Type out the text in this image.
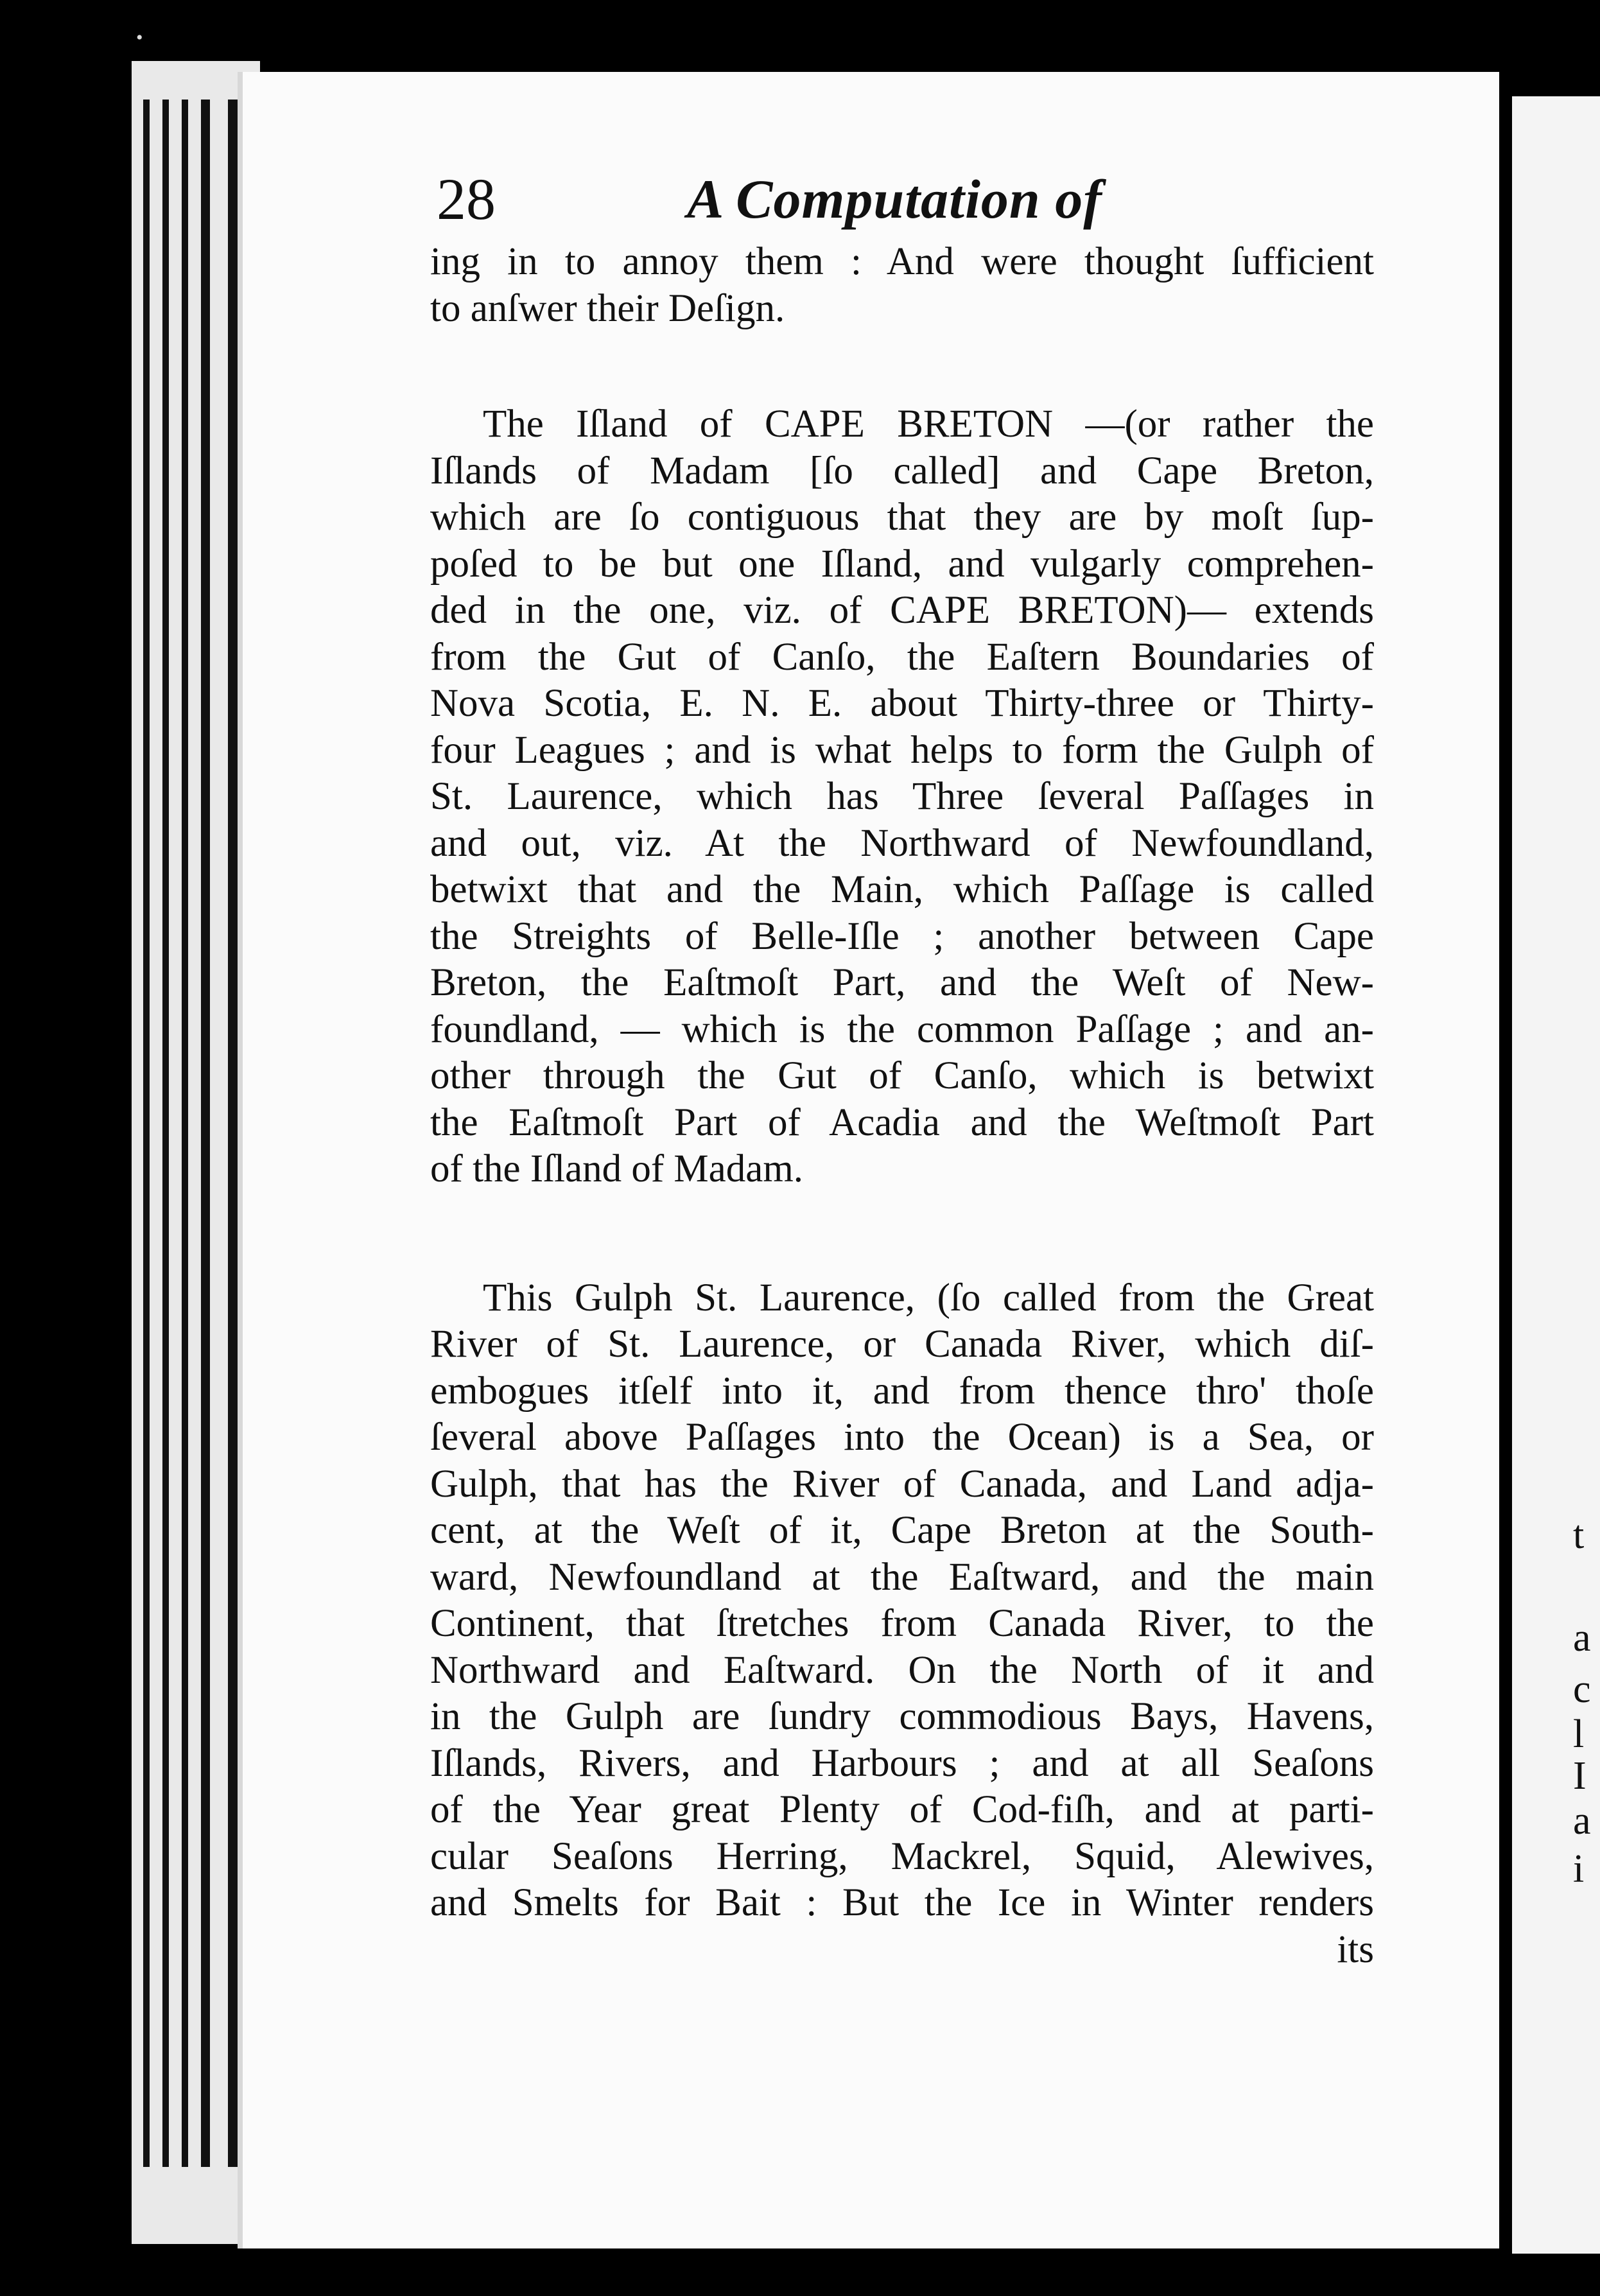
•
t
a
c
l
I
a
i
28	A Computation of
ing in to annoy them : And were thought ſufficient
to anſwer their Deſign.
The Iſland of CAPE BRETON —(or rather the
Iſlands of Madam [ſo called] and Cape Breton,
which are ſo contiguous that they are by moſt ſup-
poſed to be but one Iſland, and vulgarly comprehen-
ded in the one, viz. of CAPE BRETON)— extends
from the Gut of Canſo, the Eaſtern Boundaries of
Nova Scotia, E. N. E. about Thirty-three or Thirty-
four Leagues ; and is what helps to form the Gulph of
St. Laurence, which has Three ſeveral Paſſages in
and out, viz. At the Northward of Newfoundland,
betwixt that and the Main, which Paſſage is called
the Streights of Belle-Iſle ; another between Cape
Breton, the Eaſtmoſt Part, and the Weſt of New-
foundland, — which is the common Paſſage ; and an-
other through the Gut of Canſo, which is betwixt
the Eaſtmoſt Part of Acadia and the Weſtmoſt Part
of the Iſland of Madam.
This Gulph St. Laurence, (ſo called from the Great
River of St. Laurence, or Canada River, which diſ-
embogues itſelf into it, and from thence thro' thoſe
ſeveral above Paſſages into the Ocean) is a Sea, or
Gulph, that has the River of Canada, and Land adja-
cent, at the Weſt of it, Cape Breton at the South-
ward, Newfoundland at the Eaſtward, and the main
Continent, that ſtretches from Canada River, to the
Northward and Eaſtward. On the North of it and
in the Gulph are ſundry commodious Bays, Havens,
Iſlands, Rivers, and Harbours ; and at all Seaſons
of the Year great Plenty of Cod-fiſh, and at parti-
cular Seaſons Herring, Mackrel, Squid, Alewives,
and Smelts for Bait : But the Ice in Winter renders
its
